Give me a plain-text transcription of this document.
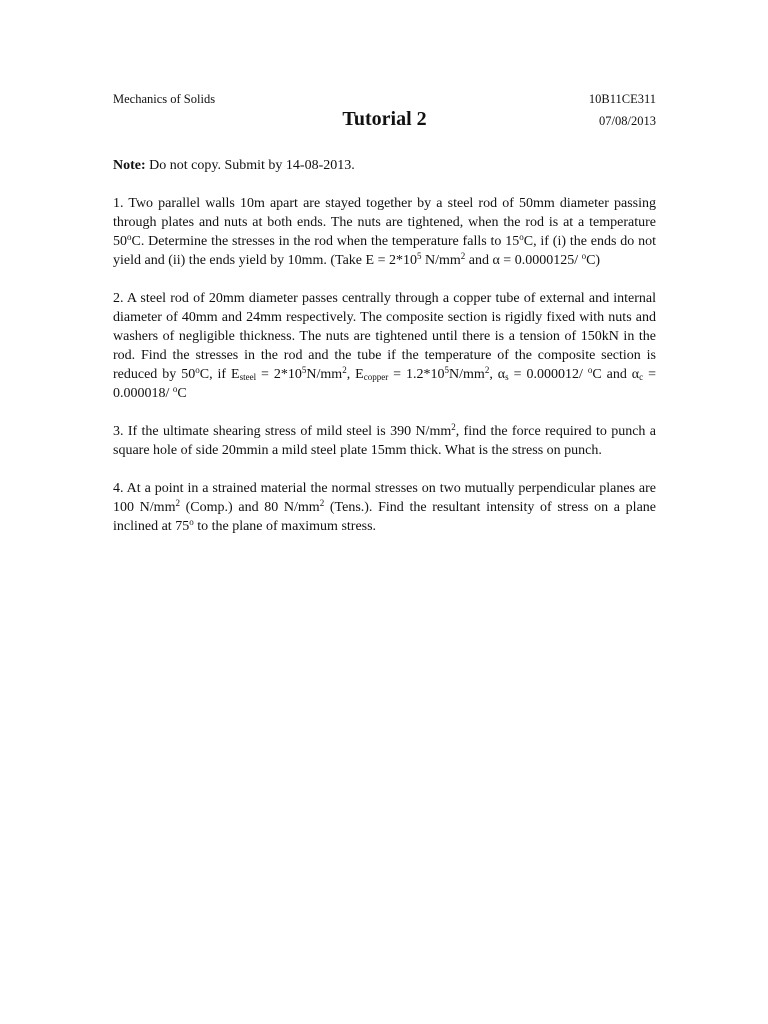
Mechanics of Solids	10B11CE311
Tutorial 2	07/08/2013
Note: Do not copy. Submit by 14-08-2013.
1. Two parallel walls 10m apart are stayed together by a steel rod of 50mm diameter passing through plates and nuts at both ends. The nuts are tightened, when the rod is at a temperature 50$^o$C. Determine the stresses in the rod when the temperature falls to 15$^o$C, if (i) the ends do not yield and (ii) the ends yield by 10mm. (Take $E = 2*10^5$ $N/mm^2$ and α = 0.0000125/ $^o$C)
2. A steel rod of 20mm diameter passes centrally through a copper tube of external and internal diameter of 40mm and 24mm respectively. The composite section is rigidly fixed with nuts and washers of negligible thickness. The nuts are tightened until there is a tension of 150kN in the rod. Find the stresses in the rod and the tube if the temperature of the composite section is reduced by 50$^o$C, if $E_{steel} = 2*10^5N/mm^2$, $E_{copper} = 1.2*10^5N/mm^2$, $\alpha_s = 0.000012/$ $^o$C and $\alpha_c = 0.000018/$ $^o$C
3. If the ultimate shearing stress of mild steel is 390 $N/mm^2$, find the force required to punch a square hole of side 20mmin a mild steel plate 15mm thick. What is the stress on punch.
4. At a point in a strained material the normal stresses on two mutually perpendicular planes are 100 $N/mm^2$ (Comp.) and 80 $N/mm^2$ (Tens.). Find the resultant intensity of stress on a plane inclined at 75$^o$ to the plane of maximum stress.
